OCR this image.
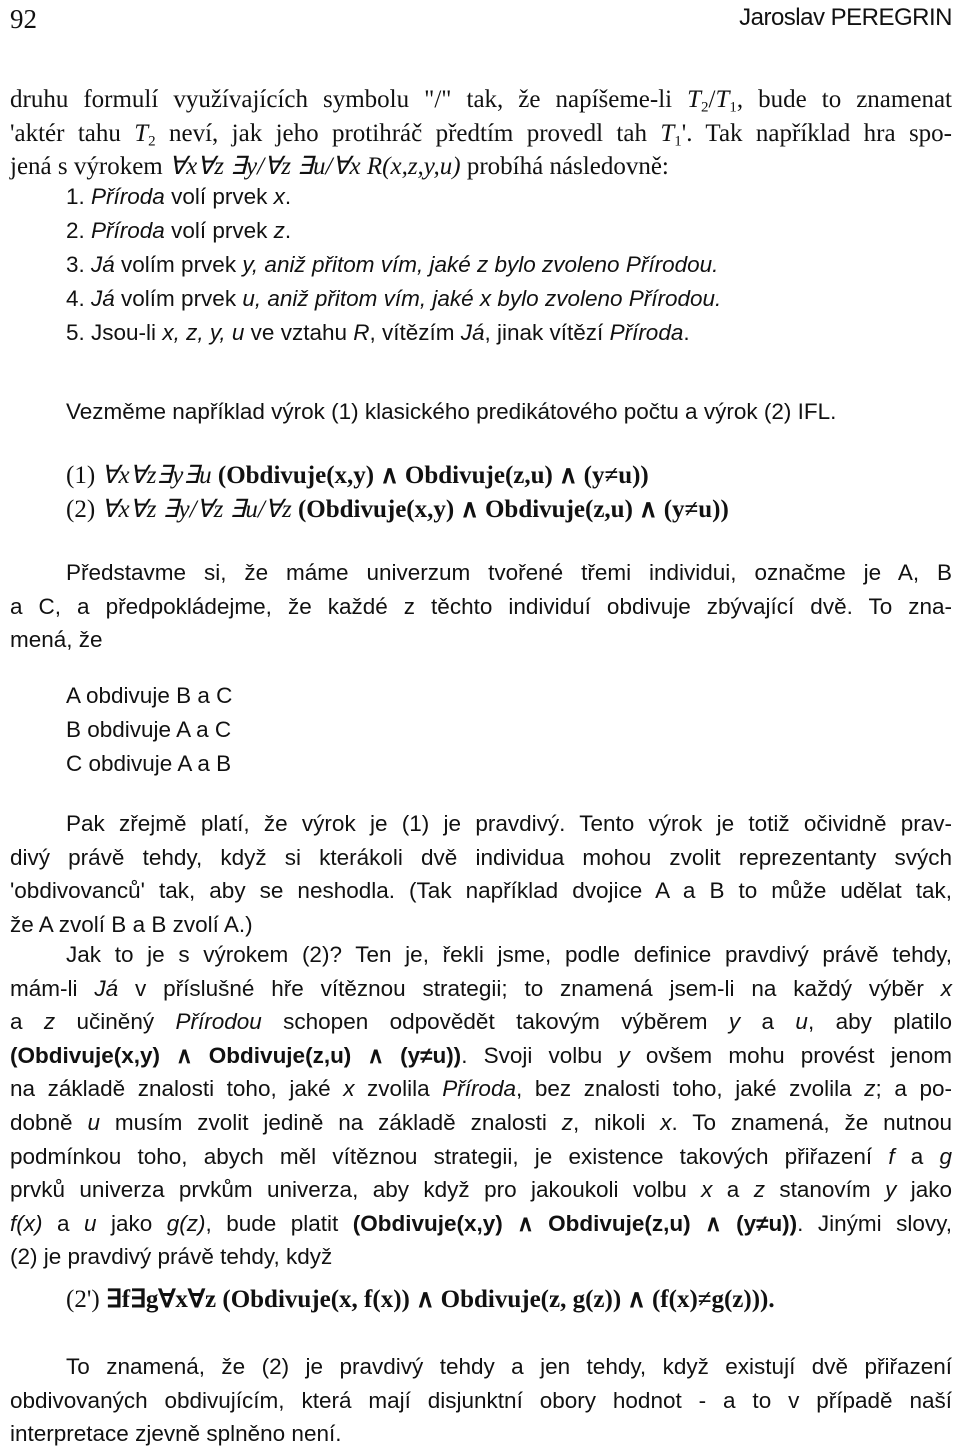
92	Jaroslav PEREGRIN
druhu formulí využívajících symbolu "/" tak, že napíšeme-li $T_2/T_1$, bude to znamenat
'aktér tahu $T_2$ neví, jak jeho protihráč předtím provedl tah $T_1'$. Tak například hra spo-
jená s výrokem ∀x∀z ∃y/∀z ∃u/∀x R(x,z,y,u) probíhá následovně:
1. Příroda volí prvek x.
2. Příroda volí prvek z.
3. Já volím prvek y, aniž přitom vím, jaké z bylo zvoleno Přírodou.
4. Já volím prvek u, aniž přitom vím, jaké x bylo zvoleno Přírodou.
5. Jsou-li x, z, y, u ve vztahu R, vítězím Já, jinak vítězí Příroda.
Vezměme například výrok (1) klasického predikátového počtu a výrok (2) IFL.
(1) ∀x∀z∃y∃u (Obdivuje(x,y) ∧ Obdivuje(z,u) ∧ (y≠u))
(2) ∀x∀z ∃y/∀z ∃u/∀z (Obdivuje(x,y) ∧ Obdivuje(z,u) ∧ (y≠u))
Představme si, že máme univerzum tvořené třemi individui, označme je A, B
a C, a předpokládejme, že každé z těchto individuí obdivuje zbývající dvě. To zna-
mená, že
A obdivuje B a C
B obdivuje A a C
C obdivuje A a B
Pak zřejmě platí, že výrok je (1) je pravdivý. Tento výrok je totiž očividně prav-
divý právě tehdy, když si kterákoli dvě individua mohou zvolit reprezentanty svých
'obdivovanců' tak, aby se neshodla. (Tak například dvojice A a B to může udělat tak,
že A zvolí B a B zvolí A.)
Jak to je s výrokem (2)? Ten je, řekli jsme, podle definice pravdivý právě tehdy,
mám-li Já v příslušné hře vítěznou strategii; to znamená jsem-li na každý výběr x
a z učiněný Přírodou schopen odpovědět takovým výběrem y a u, aby platilo
(Obdivuje(x,y) ∧ Obdivuje(z,u) ∧ (y≠u)). Svoji volbu y ovšem mohu provést jenom
na základě znalosti toho, jaké x zvolila Příroda, bez znalosti toho, jaké zvolila z; a po-
dobně u musím zvolit jedině na základě znalosti z, nikoli x. To znamená, že nutnou
podmínkou toho, abych měl vítěznou strategii, je existence takových přiřazení f a g
prvků univerza prvkům univerza, aby když pro jakoukoli volbu x a z stanovím y jako
f(x) a u jako g(z), bude platit (Obdivuje(x,y) ∧ Obdivuje(z,u) ∧ (y≠u)). Jinými slovy,
(2) je pravdivý právě tehdy, když
(2') ∃f∃g∀x∀z (Obdivuje(x, f(x)) ∧ Obdivuje(z, g(z)) ∧ (f(x)≠g(z))).
To znamená, že (2) je pravdivý tehdy a jen tehdy, když existují dvě přiřazení
obdivovaných obdivujícím, která mají disjunktní obory hodnot - a to v případě naší
interpretace zjevně splněno není.
